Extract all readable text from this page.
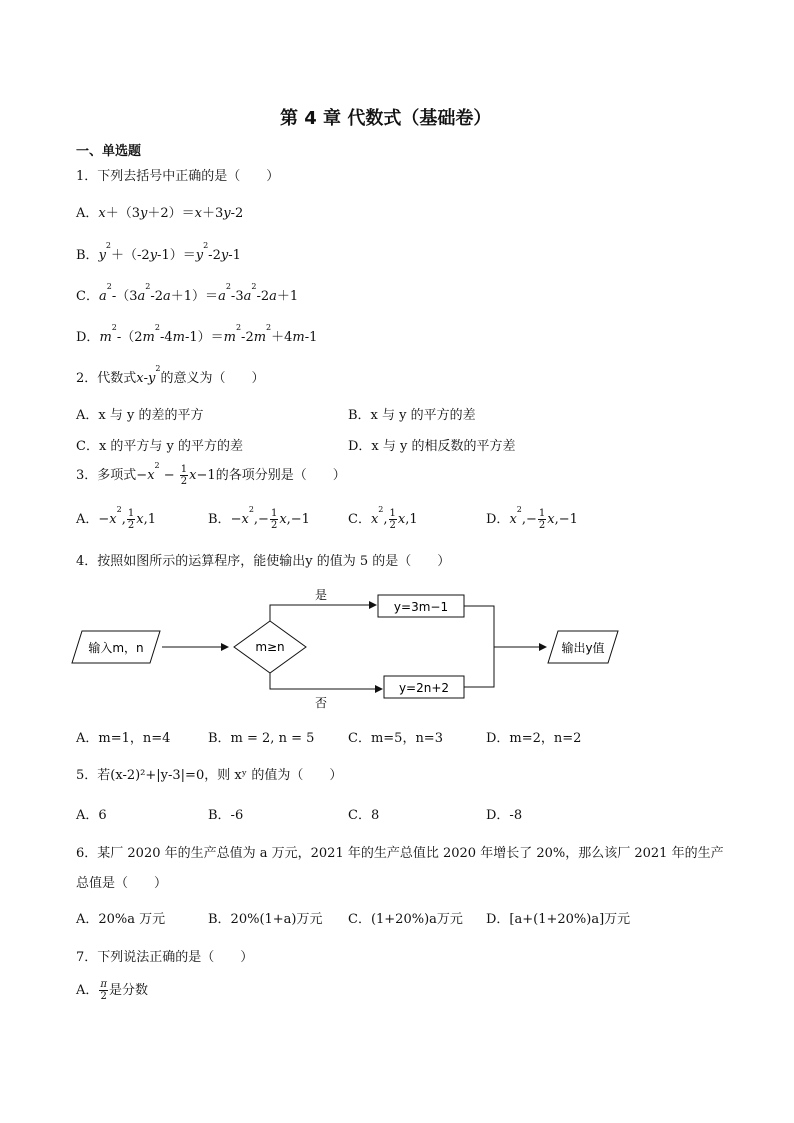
第 4 章 代数式（基础卷）
一、单选题
1．下列去括号中正确的是（　　）
A．x＋（3y＋2）＝x＋3y-2
B．$y^2+(-2y-1)=y^2-2y-1$
C．$a^2-(3a^2-2a+1)=a^2-3a^2-2a+1$
D．$m^2-(2m^2-4m-1)=m^2-2m^2+4m-1$
2．代数式$x-y^2$的意义为（　　）
A．x 与 y 的差的平方	B．x 与 y 的平方的差
C．x 的平方与 y 的平方的差	D．x 与 y 的相反数的平方差
3．多项式$-x^2 - \frac{1}{2} x-1$的各项分别是（　　）
A．$-x^2$, $\frac{1}{2} x,1$	B．$-x^2,- \frac{1}{2} x,-1$	C．$x^2$, $\frac{1}{2} x,1$	D．$x^2,- \frac{1}{2} x,-1$
4．按照如图所示的运算程序，能使输出y 的值为 5 的是（　　）
输入m，n	m≥n
是
y=3m−1
否
y=2n+2
输出y值
A．m=1，n=4	B．m = 2, n = 5	C．m=5，n=3	D．m=2，n=2
5．若(x-2)²+|y-3|=0，则 xʸ 的值为（　　）
A．6	B．-6	C．8	D．-8
6．某厂 2020 年的生产总值为 a 万元，2021 年的生产总值比 2020 年增长了 20%，那么该厂 2021 年的生产
总值是（　　）
A．20%a 万元	B．20%(1+a)万元 C．(1+20%)a万元 D．[a+(1+20%)a]万元
7．下列说法正确的是（　　）
A． $\frac{\pi}{2}$ 是分数
